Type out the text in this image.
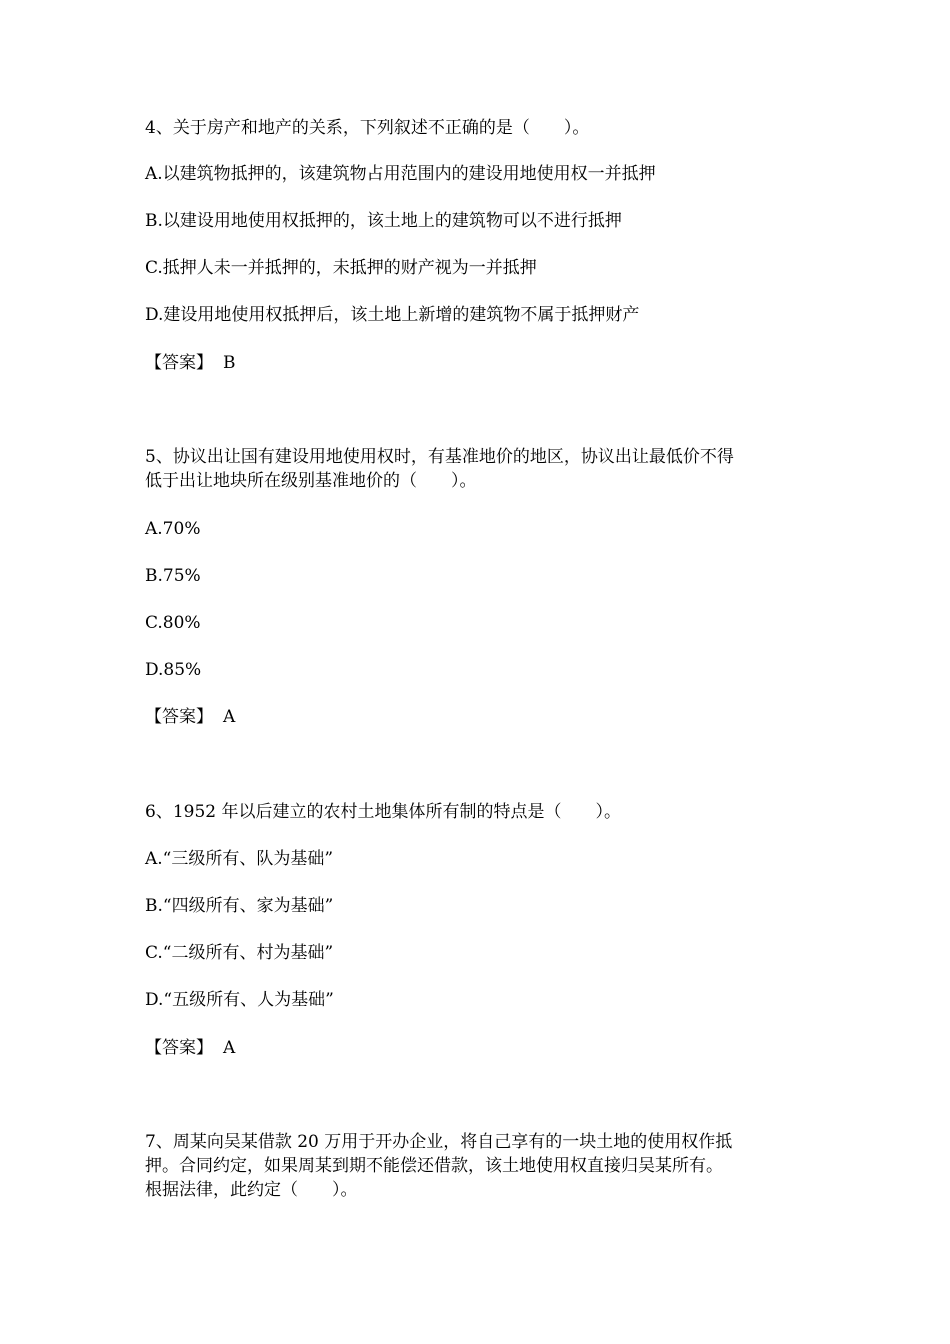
4、关于房产和地产的关系，下列叙述不正确的是（　　）。
A.以建筑物抵押的，该建筑物占用范围内的建设用地使用权一并抵押
B.以建设用地使用权抵押的，该土地上的建筑物可以不进行抵押
C.抵押人未一并抵押的，未抵押的财产视为一并抵押
D.建设用地使用权抵押后，该土地上新增的建筑物不属于抵押财产
【答案】 B
5、协议出让国有建设用地使用权时，有基准地价的地区，协议出让最低价不得
低于出让地块所在级别基准地价的（　　）。
A.70%
B.75%
C.80%
D.85%
【答案】 A
6、1952 年以后建立的农村土地集体所有制的特点是（　　）。
A.“三级所有、队为基础”
B.“四级所有、家为基础”
C.“二级所有、村为基础”
D.“五级所有、人为基础”
【答案】 A
7、周某向吴某借款 20 万用于开办企业，将自己享有的一块土地的使用权作抵
押。合同约定，如果周某到期不能偿还借款，该土地使用权直接归吴某所有。
根据法律，此约定（　　）。
